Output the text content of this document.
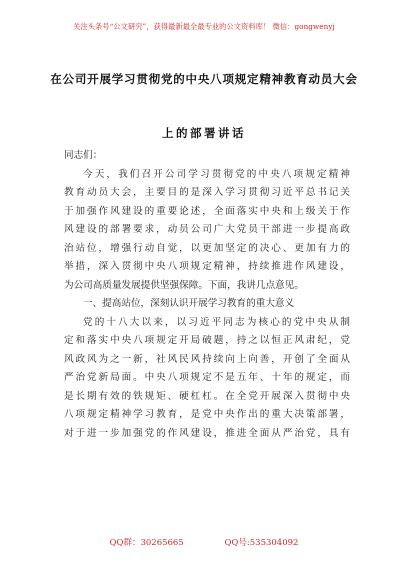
关注头条号“公文研究”，获得最新最全最专业的公文资料库！ 微信：gongwenyj
在公司开展学习贯彻党的中央八项规定精神教育动员大会
上的部署讲话
同志们：
今天，我们召开公司学习贯彻党的中央八项规定精神
教育动员大会，主要目的是深入学习贯彻习近平总书记关
于加强作风建设的重要论述，全面落实中央和上级关于作
风建设的部署要求，动员公司广大党员干部进一步提高政
治站位，增强行动自觉，以更加坚定的决心、更加有力的
举措，深入贯彻中央八项规定精神，持续推进作风建设，
为公司高质量发展提供坚强保障。下面，我讲几点意见。
一、提高站位，深刻认识开展学习教育的重大意义
党的十八大以来，以习近平同志为核心的党中央从制
定和落实中央八项规定开局破题，持之以恒正风肃纪，党
风政风为之一新，社风民风持续向上向善，开创了全面从
严治党新局面。中央八项规定不是五年、十年的规定，而
是长期有效的铁规矩、硬杠杠。在全党开展深入贯彻中央
八项规定精神学习教育，是党中央作出的重大决策部署，
对于进一步加强党的作风建设，推进全面从严治党，具有
QQ群：30265665	QQ号:535304092
